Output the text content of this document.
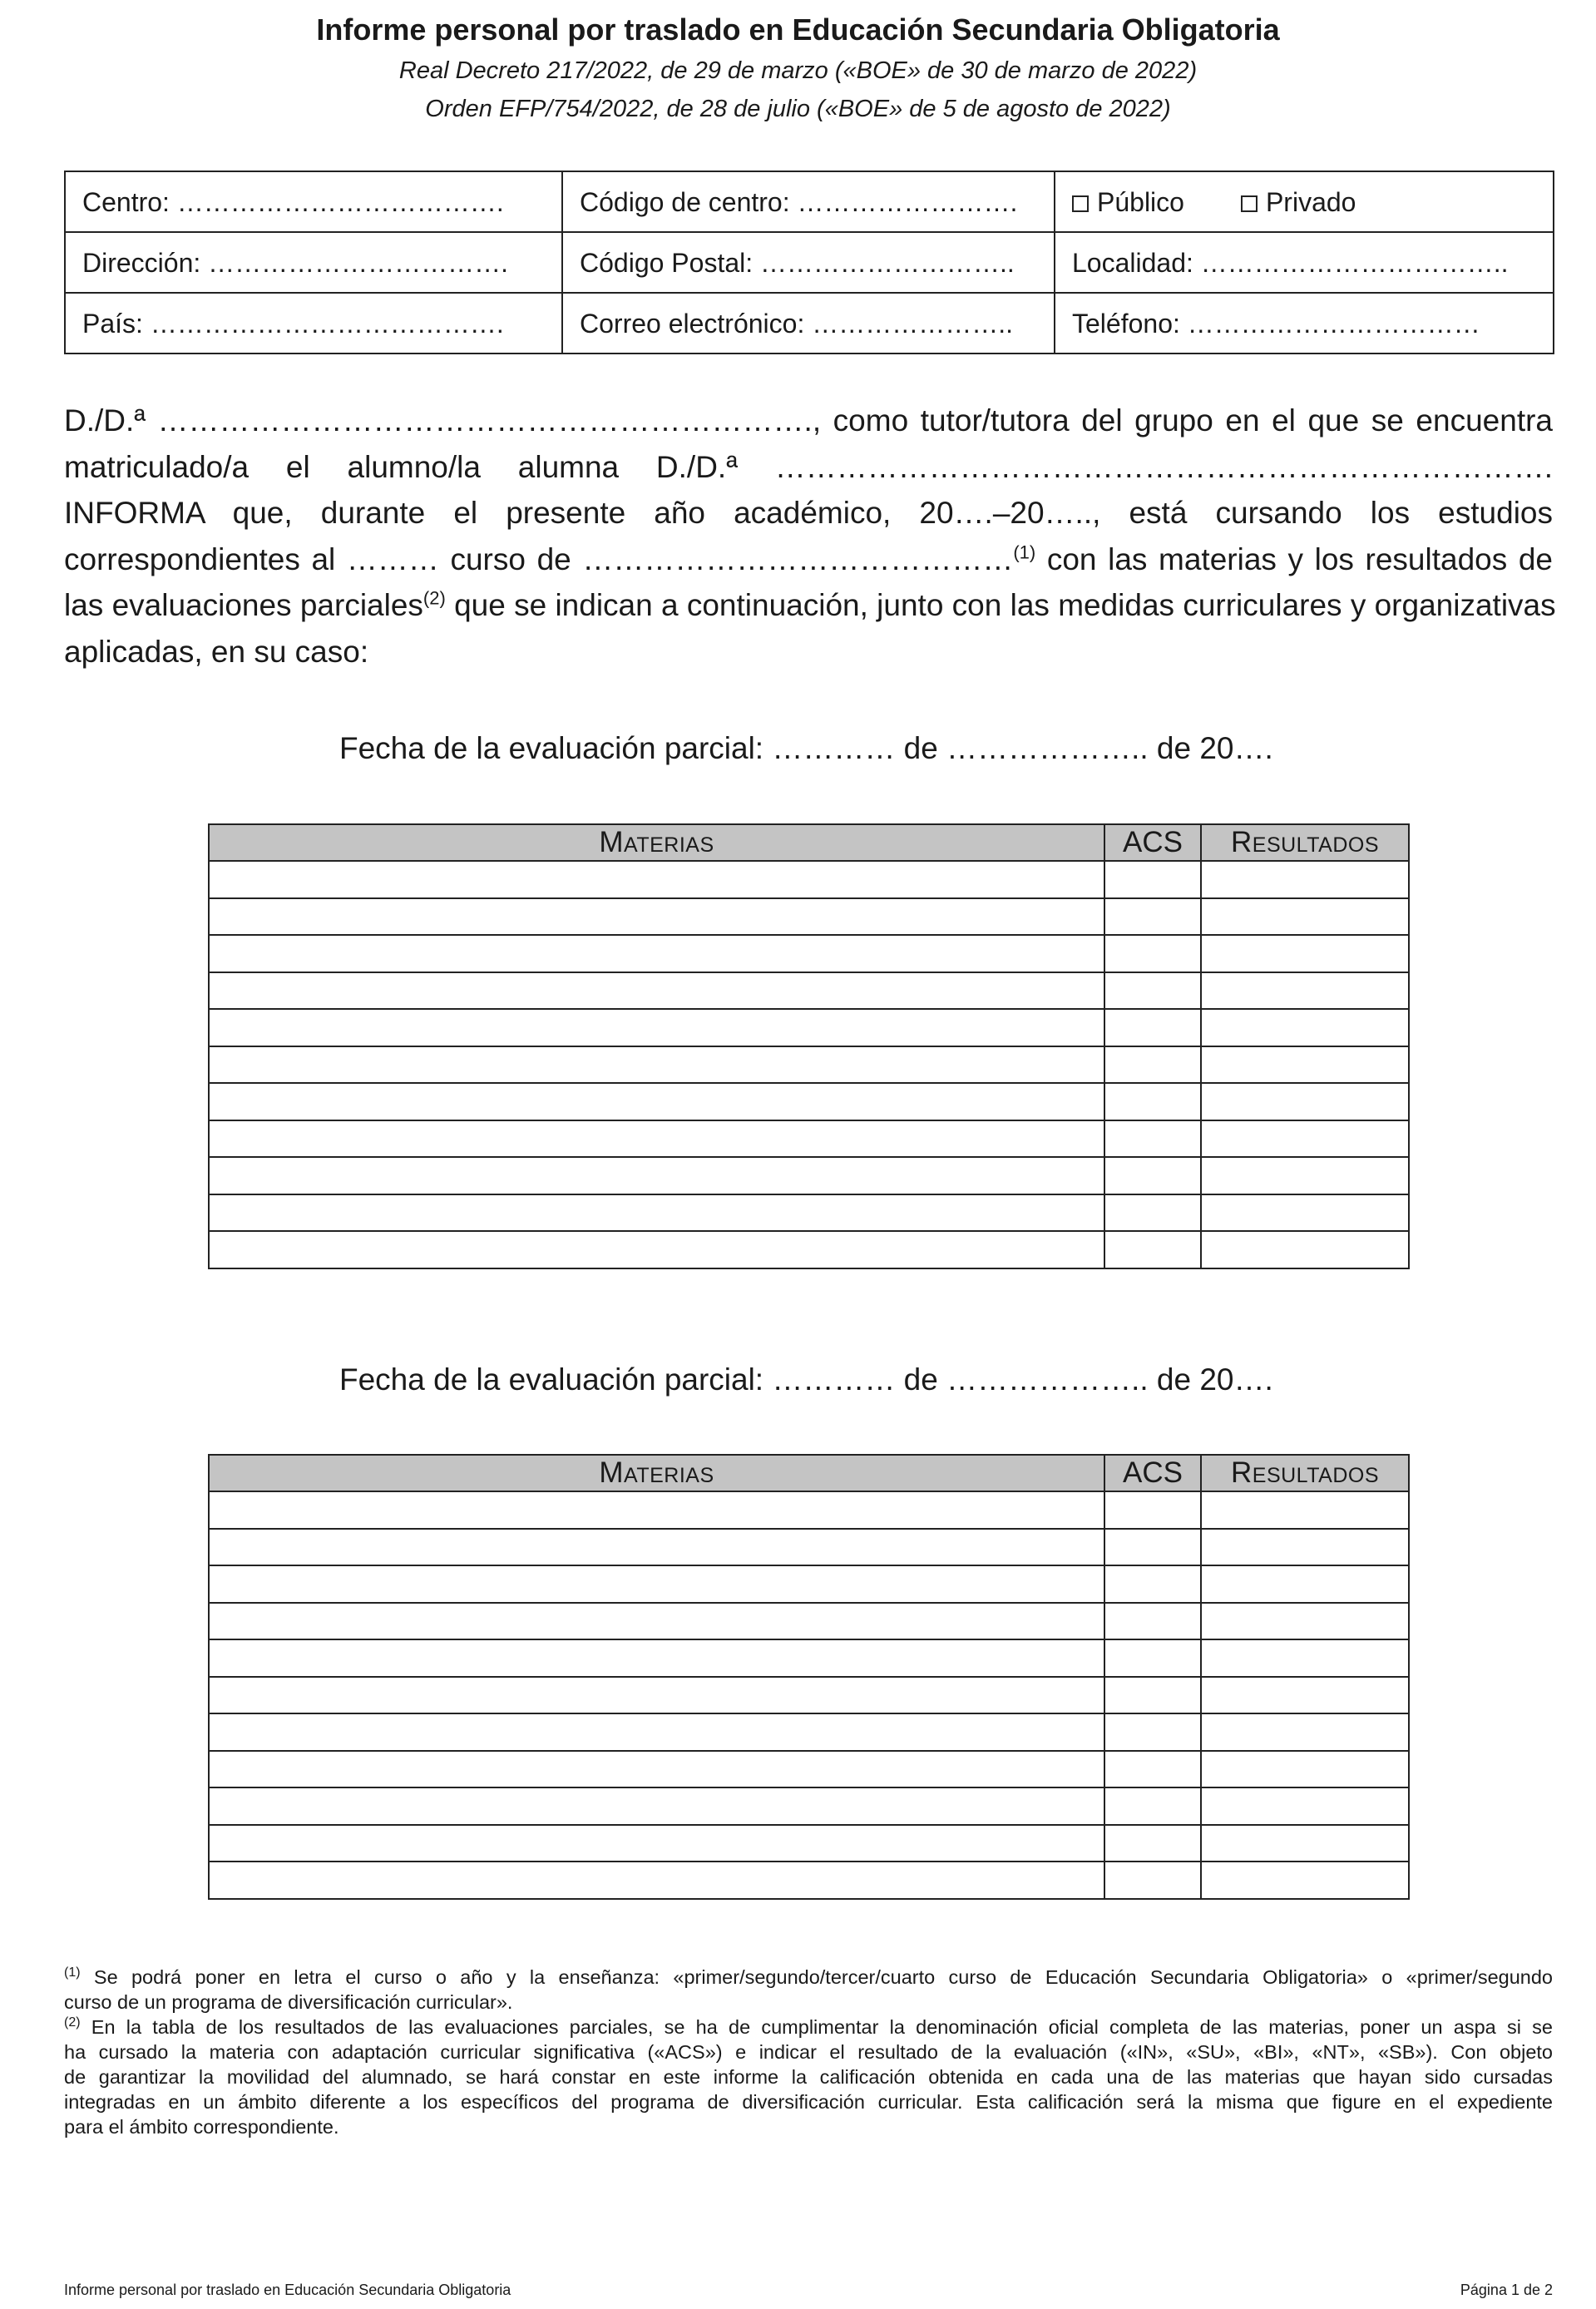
Informe personal por traslado en Educación Secundaria Obligatoria
Real Decreto 217/2022, de 29 de marzo («BOE» de 30 de marzo de 2022)
Orden EFP/754/2022, de 28 de julio («BOE» de 5 de agosto de 2022)
Centro: ……………………………….	Código de centro: …………………….	Público Privado
Dirección: …………………………….	Código Postal: ………………………..	Localidad: ……………………………..
País: ………………………………….	Correo electrónico: …………………..	Teléfono: ……………………………
D./D.ª ………………………………………………………., como tutor/tutora del grupo en el que se encuentra
matriculado/a el alumno/la alumna D./D.ª ………………………………………………………………….
INFORMA que, durante el presente año académico, 20….–20….., está cursando los estudios
correspondientes al ……… curso de ……………………………………$^{(1)}$ con las materias y los resultados de
las evaluaciones parciales$^{(2)}$ que se indican a continuación, junto con las medidas curriculares y organizativas
aplicadas, en su caso:
Fecha de la evaluación parcial: ………… de ……………….. de 20….
Materias	ACS	Resultados

Fecha de la evaluación parcial: ………… de ……………….. de 20….
Materias	ACS	Resultados

$^{(1)}$ Se podrá poner en letra el curso o año y la enseñanza: «primer/segundo/tercer/cuarto curso de Educación Secundaria Obligatoria» o «primer/segundo
curso de un programa de diversificación curricular».
$^{(2)}$ En la tabla de los resultados de las evaluaciones parciales, se ha de cumplimentar la denominación oficial completa de las materias, poner un aspa si se
ha cursado la materia con adaptación curricular significativa («ACS») e indicar el resultado de la evaluación («IN», «SU», «BI», «NT», «SB»). Con objeto
de garantizar la movilidad del alumnado, se hará constar en este informe la calificación obtenida en cada una de las materias que hayan sido cursadas
integradas en un ámbito diferente a los específicos del programa de diversificación curricular. Esta calificación será la misma que figure en el expediente
para el ámbito correspondiente.
Informe personal por traslado en Educación Secundaria Obligatoria	Página 1 de 2
